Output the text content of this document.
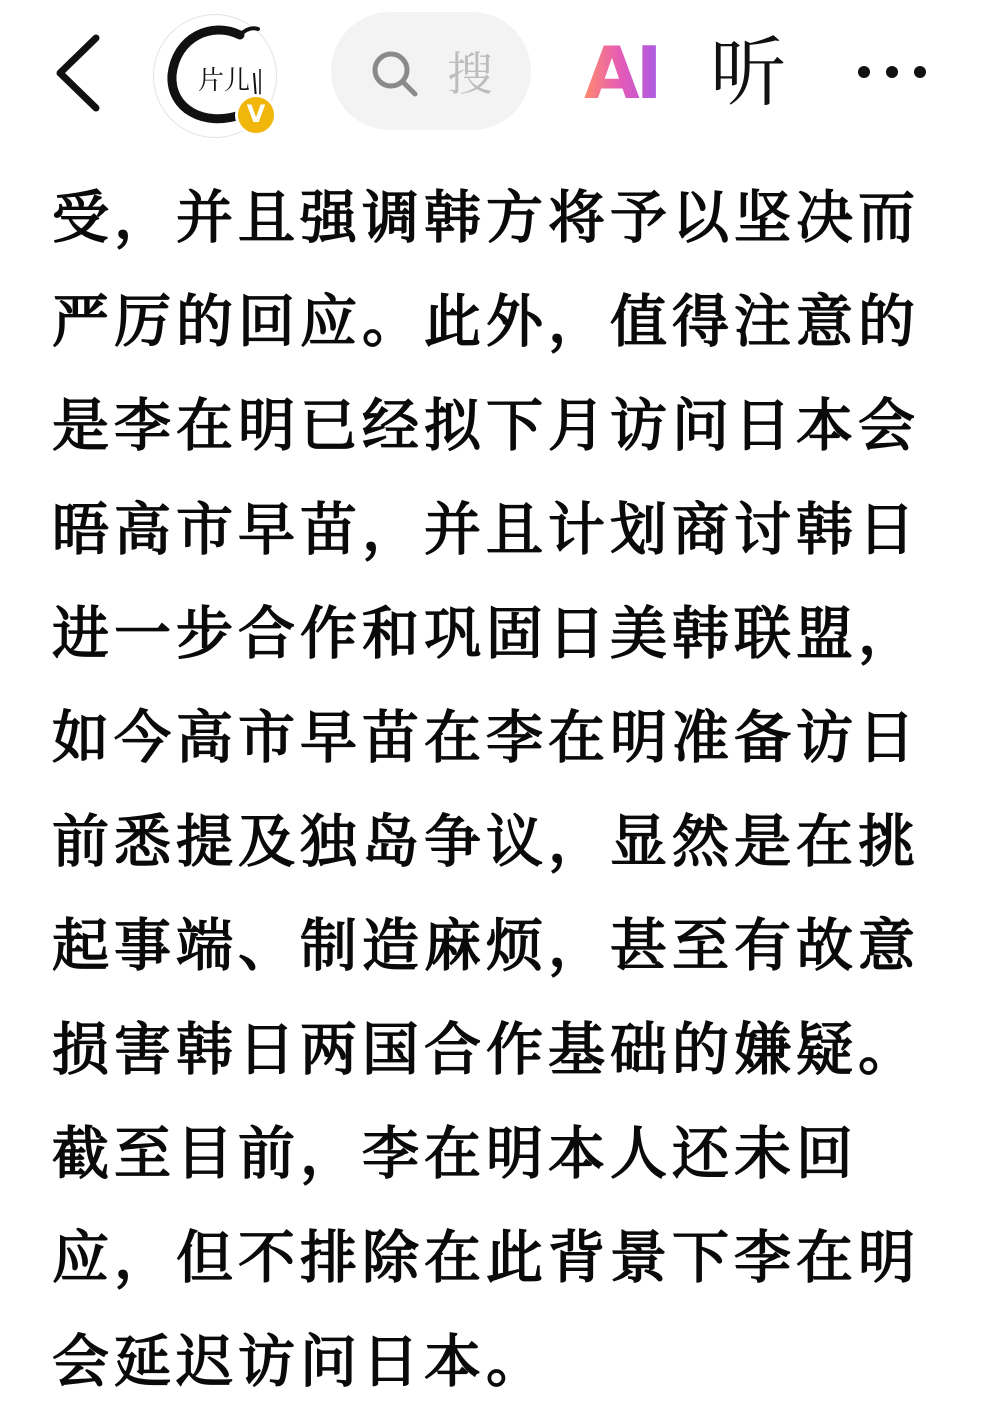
片儿
V
搜 AI 听
受，并且强调韩方将予以坚决而
严厉的回应。此外，值得注意的
是李在明已经拟下月访问日本会
晤高市早苗，并且计划商讨韩日
进一步合作和巩固日美韩联盟，
如今高市早苗在李在明准备访日
前悉提及独岛争议，显然是在挑
起事端、制造麻烦，甚至有故意
损害韩日两国合作基础的嫌疑。
截至目前，李在明本人还未回
应，但不排除在此背景下李在明
会延迟访问日本。
